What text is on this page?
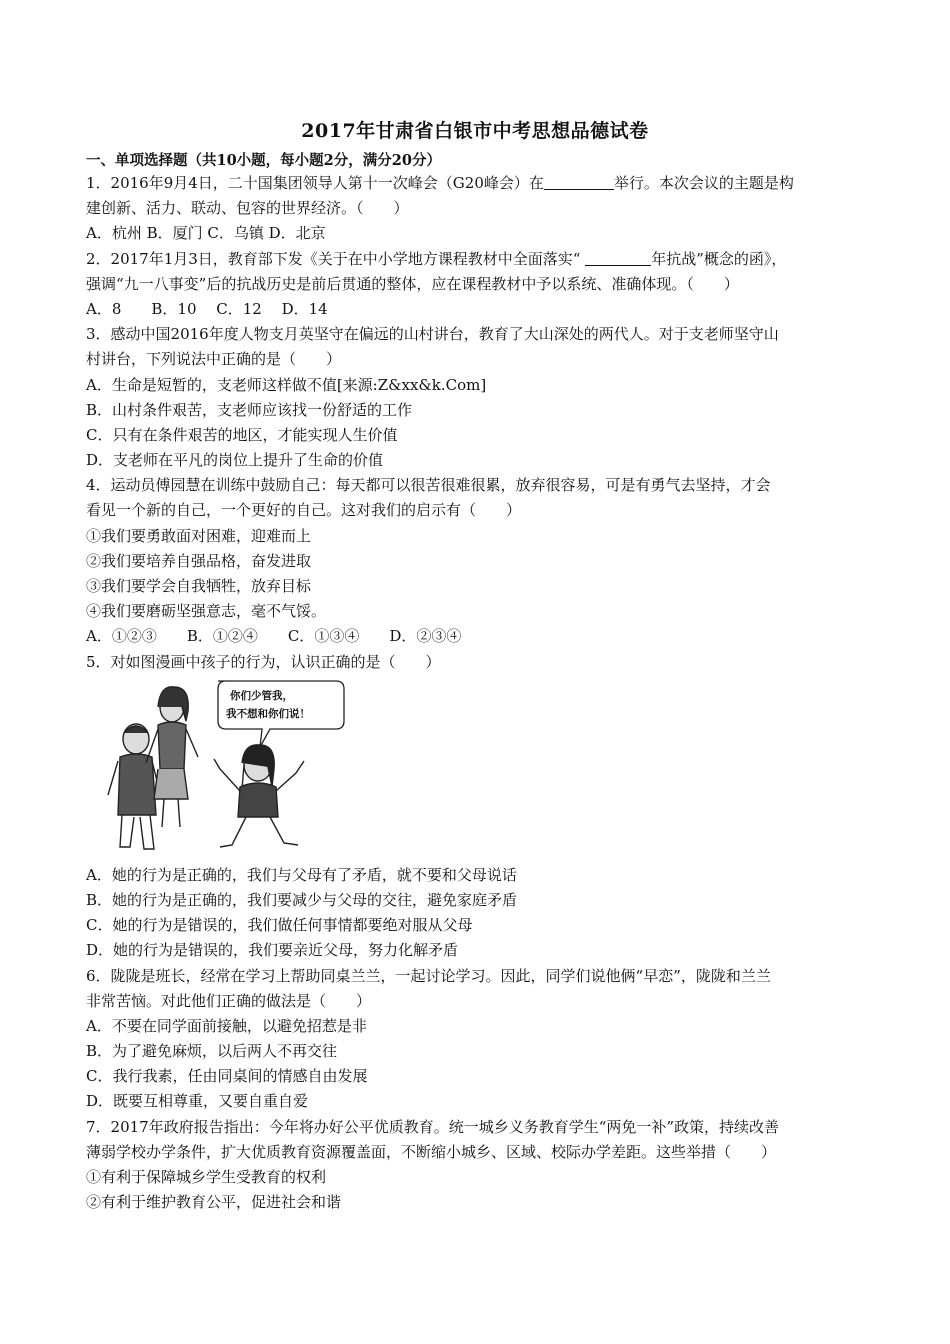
2017年甘肃省白银市中考思想品德试卷
一、单项选择题（共10小题，每小题2分，满分20分）
1．2016年9月4日，二十国集团领导人第十一次峰会（G20峰会）在	举行。本次会议的主题是构
建创新、活力、联动、包容的世界经济。（　　）
A．杭州 B．厦门 C．乌镇 D．北京
2．2017年1月3日，教育部下发《关于在中小学地方课程教材中全面落实“	年抗战”概念的函》，
强调“九一八事变”后的抗战历史是前后贯通的整体，应在课程教材中予以系统、准确体现。（　　）
A．8　　B．10　 C．12　 D．14
3．感动中国2016年度人物支月英坚守在偏远的山村讲台，教育了大山深处的两代人。对于支老师坚守山
村讲台，下列说法中正确的是（　　）
A．生命是短暂的，支老师这样做不值[来源:Z&xx&k.Com]
B．山村条件艰苦，支老师应该找一份舒适的工作
C．只有在条件艰苦的地区，才能实现人生价值
D．支老师在平凡的岗位上提升了生命的价值
4．运动员傅园慧在训练中鼓励自己：每天都可以很苦很难很累，放弃很容易，可是有勇气去坚持，才会
看见一个新的自己，一个更好的自己。这对我们的启示有（　　）
①我们要勇敢面对困难，迎难而上
②我们要培养自强品格，奋发进取
③我们要学会自我牺牲，放弃目标
④我们要磨砺坚强意志，毫不气馁。
A．①②③　　B．①②④　　C．①③④　　D．②③④
5．对如图漫画中孩子的行为，认识正确的是（　　）
你们少管我，
我不想和你们说！
A．她的行为是正确的，我们与父母有了矛盾，就不要和父母说话
B．她的行为是正确的，我们要减少与父母的交往，避免家庭矛盾
C．她的行为是错误的，我们做任何事情都要绝对服从父母
D．她的行为是错误的，我们要亲近父母，努力化解矛盾
6．陇陇是班长，经常在学习上帮助同桌兰兰，一起讨论学习。因此，同学们说他俩“早恋”，陇陇和兰兰
非常苦恼。对此他们正确的做法是（　　）
A．不要在同学面前接触，以避免招惹是非
B．为了避免麻烦，以后两人不再交往
C．我行我素，任由同桌间的情感自由发展
D．既要互相尊重，又要自重自爱
7．2017年政府报告指出：今年将办好公平优质教育。统一城乡义务教育学生“两免一补”政策，持续改善
薄弱学校办学条件，扩大优质教育资源覆盖面，不断缩小城乡、区域、校际办学差距。这些举措（　　）
①有利于保障城乡学生受教育的权利
②有利于维护教育公平，促进社会和谐
